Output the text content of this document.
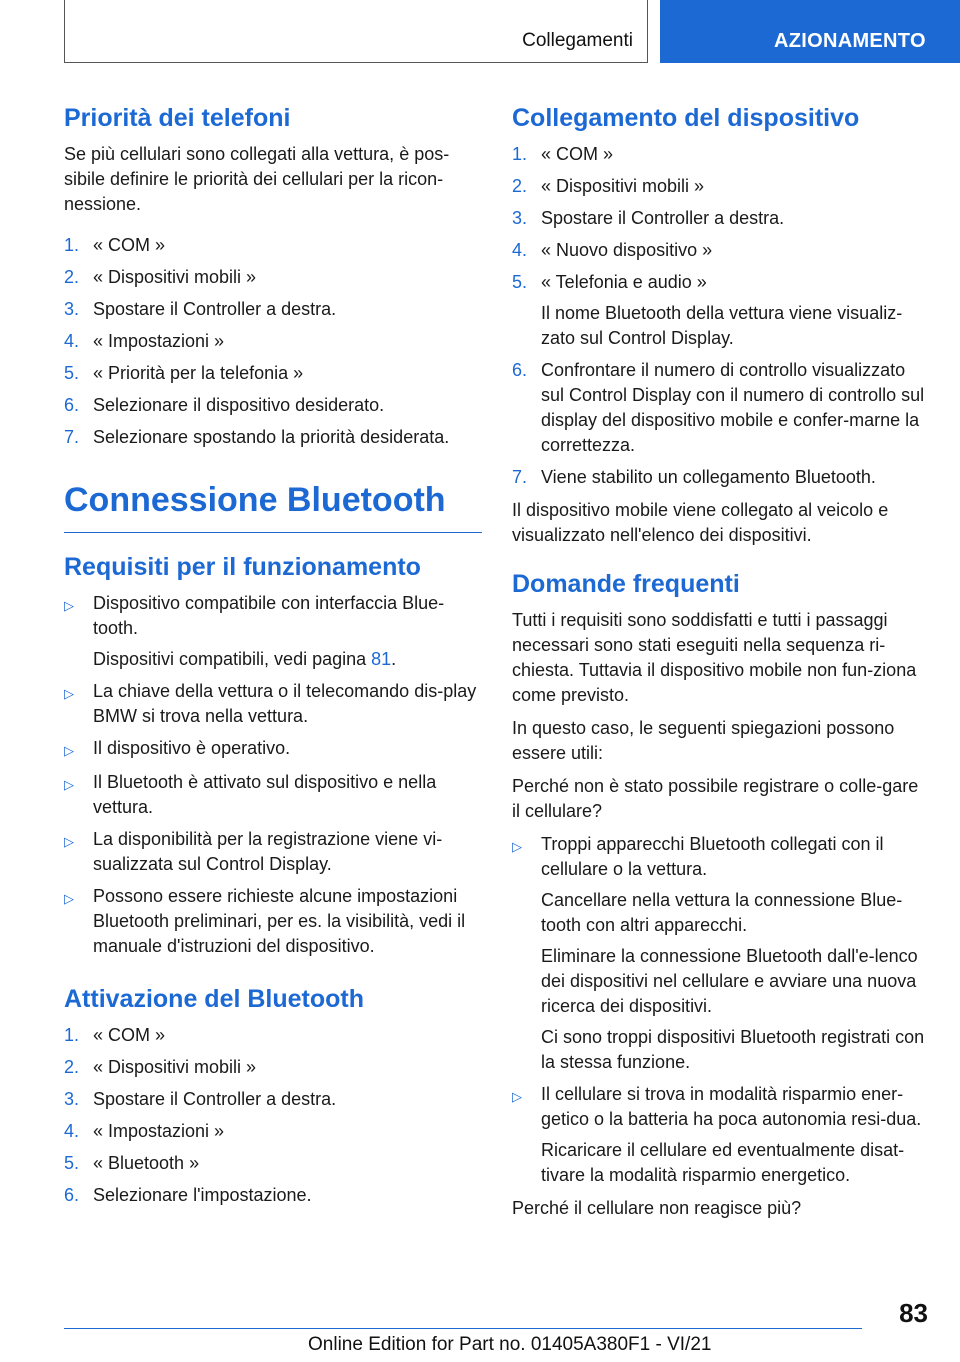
Collegamenti	AZIONAMENTO
Priorità dei telefoni

Se più cellulari sono collegati alla vettura, è pos-sibile definire le priorità dei cellulari per la ricon-nessione.

1. « COM »
2. « Dispositivi mobili »
3. Spostare il Controller a destra.
4. « Impostazioni »
5. « Priorità per la telefonia »
6. Selezionare il dispositivo desiderato.
7. Selezionare spostando la priorità desiderata.
Connessione Bluetooth
Requisiti per il funzionamento
▷	Dispositivo compatibile con interfaccia Blue-tooth.
Dispositivi compatibili, vedi pagina 81.
▷	La chiave della vettura o il telecomando dis-play BMW si trova nella vettura.
▷	Il dispositivo è operativo.
▷	Il Bluetooth è attivato sul dispositivo e nella vettura.
▷	La disponibilità per la registrazione viene vi-sualizzata sul Control Display.
▷	Possono essere richieste alcune impostazioni Bluetooth preliminari, per es. la visibilità, vedi il manuale d'istruzioni del dispositivo.
Attivazione del Bluetooth
1. « COM »
2. « Dispositivi mobili »
3. Spostare il Controller a destra.
4. « Impostazioni »
5. « Bluetooth »
6. Selezionare l'impostazione.
Collegamento del dispositivo
1. « COM »
2. « Dispositivi mobili »
3. Spostare il Controller a destra.
4. « Nuovo dispositivo »
5. « Telefonia e audio »
Il nome Bluetooth della vettura viene visualiz-zato sul Control Display.
6. Confrontare il numero di controllo visualizzato sul Control Display con il numero di controllo sul display del dispositivo mobile e confer-marne la correttezza.
7. Viene stabilito un collegamento Bluetooth.

Il dispositivo mobile viene collegato al veicolo e visualizzato nell'elenco dei dispositivi.

Domande frequenti

Tutti i requisiti sono soddisfatti e tutti i passaggi necessari sono stati eseguiti nella sequenza ri-chiesta. Tuttavia il dispositivo mobile non fun-ziona come previsto.

In questo caso, le seguenti spiegazioni possono essere utili:

Perché non è stato possibile registrare o colle-gare il cellulare?

▷	Troppi apparecchi Bluetooth collegati con il cellulare o la vettura.
Cancellare nella vettura la connessione Blue-tooth con altri apparecchi.
Eliminare la connessione Bluetooth dall'e-lenco dei dispositivi nel cellulare e avviare una nuova ricerca dei dispositivi.
Ci sono troppi dispositivi Bluetooth registrati con la stessa funzione.
▷	Il cellulare si trova in modalità risparmio ener-getico o la batteria ha poca autonomia resi-dua.
Ricaricare il cellulare ed eventualmente disat-tivare la modalità risparmio energetico.

Perché il cellulare non reagisce più?

83
Online Edition for Part no. 01405A380F1 - VI/21
